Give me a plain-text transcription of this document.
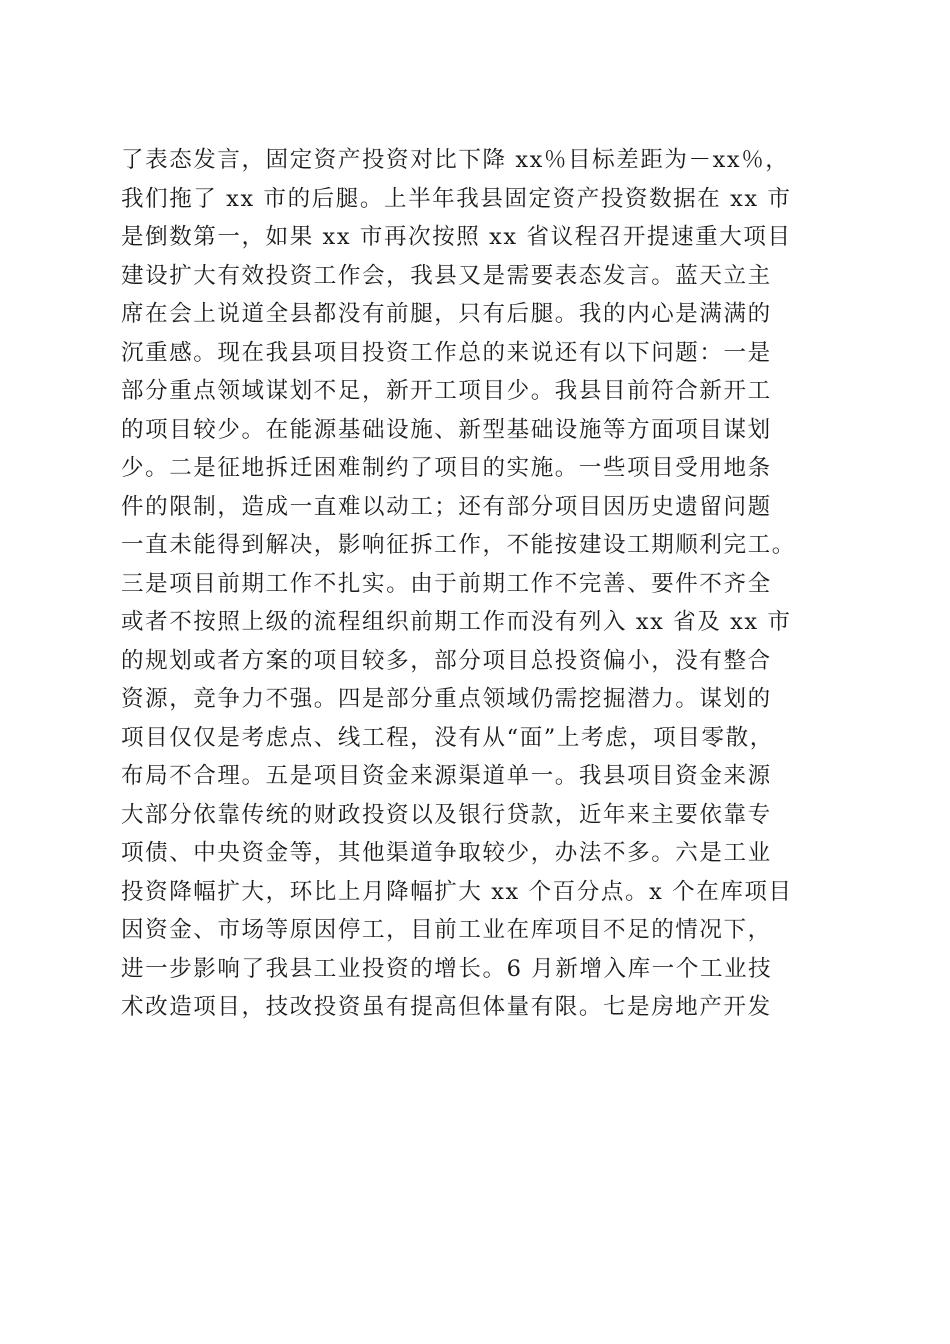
了表态发言，固定资产投资对比下降 xx％目标差距为－xx％，
我们拖了 xx 市的后腿。上半年我县固定资产投资数据在 xx 市
是倒数第一，如果 xx 市再次按照 xx 省议程召开提速重大项目
建设扩大有效投资工作会，我县又是需要表态发言。蓝天立主
席在会上说道全县都没有前腿，只有后腿。我的内心是满满的
沉重感。现在我县项目投资工作总的来说还有以下问题：一是
部分重点领域谋划不足，新开工项目少。我县目前符合新开工
的项目较少。在能源基础设施、新型基础设施等方面项目谋划
少。二是征地拆迁困难制约了项目的实施。一些项目受用地条
件的限制，造成一直难以动工；还有部分项目因历史遗留问题
一直未能得到解决，影响征拆工作，不能按建设工期顺利完工。
三是项目前期工作不扎实。由于前期工作不完善、要件不齐全
或者不按照上级的流程组织前期工作而没有列入 xx 省及 xx 市
的规划或者方案的项目较多，部分项目总投资偏小，没有整合
资源，竞争力不强。四是部分重点领域仍需挖掘潜力。谋划的
项目仅仅是考虑点、线工程，没有从“面”上考虑，项目零散，
布局不合理。五是项目资金来源渠道单一。我县项目资金来源
大部分依靠传统的财政投资以及银行贷款，近年来主要依靠专
项债、中央资金等，其他渠道争取较少，办法不多。六是工业
投资降幅扩大，环比上月降幅扩大 xx 个百分点。x 个在库项目
因资金、市场等原因停工，目前工业在库项目不足的情况下，
进一步影响了我县工业投资的增长。6 月新增入库一个工业技
术改造项目，技改投资虽有提高但体量有限。七是房地产开发
